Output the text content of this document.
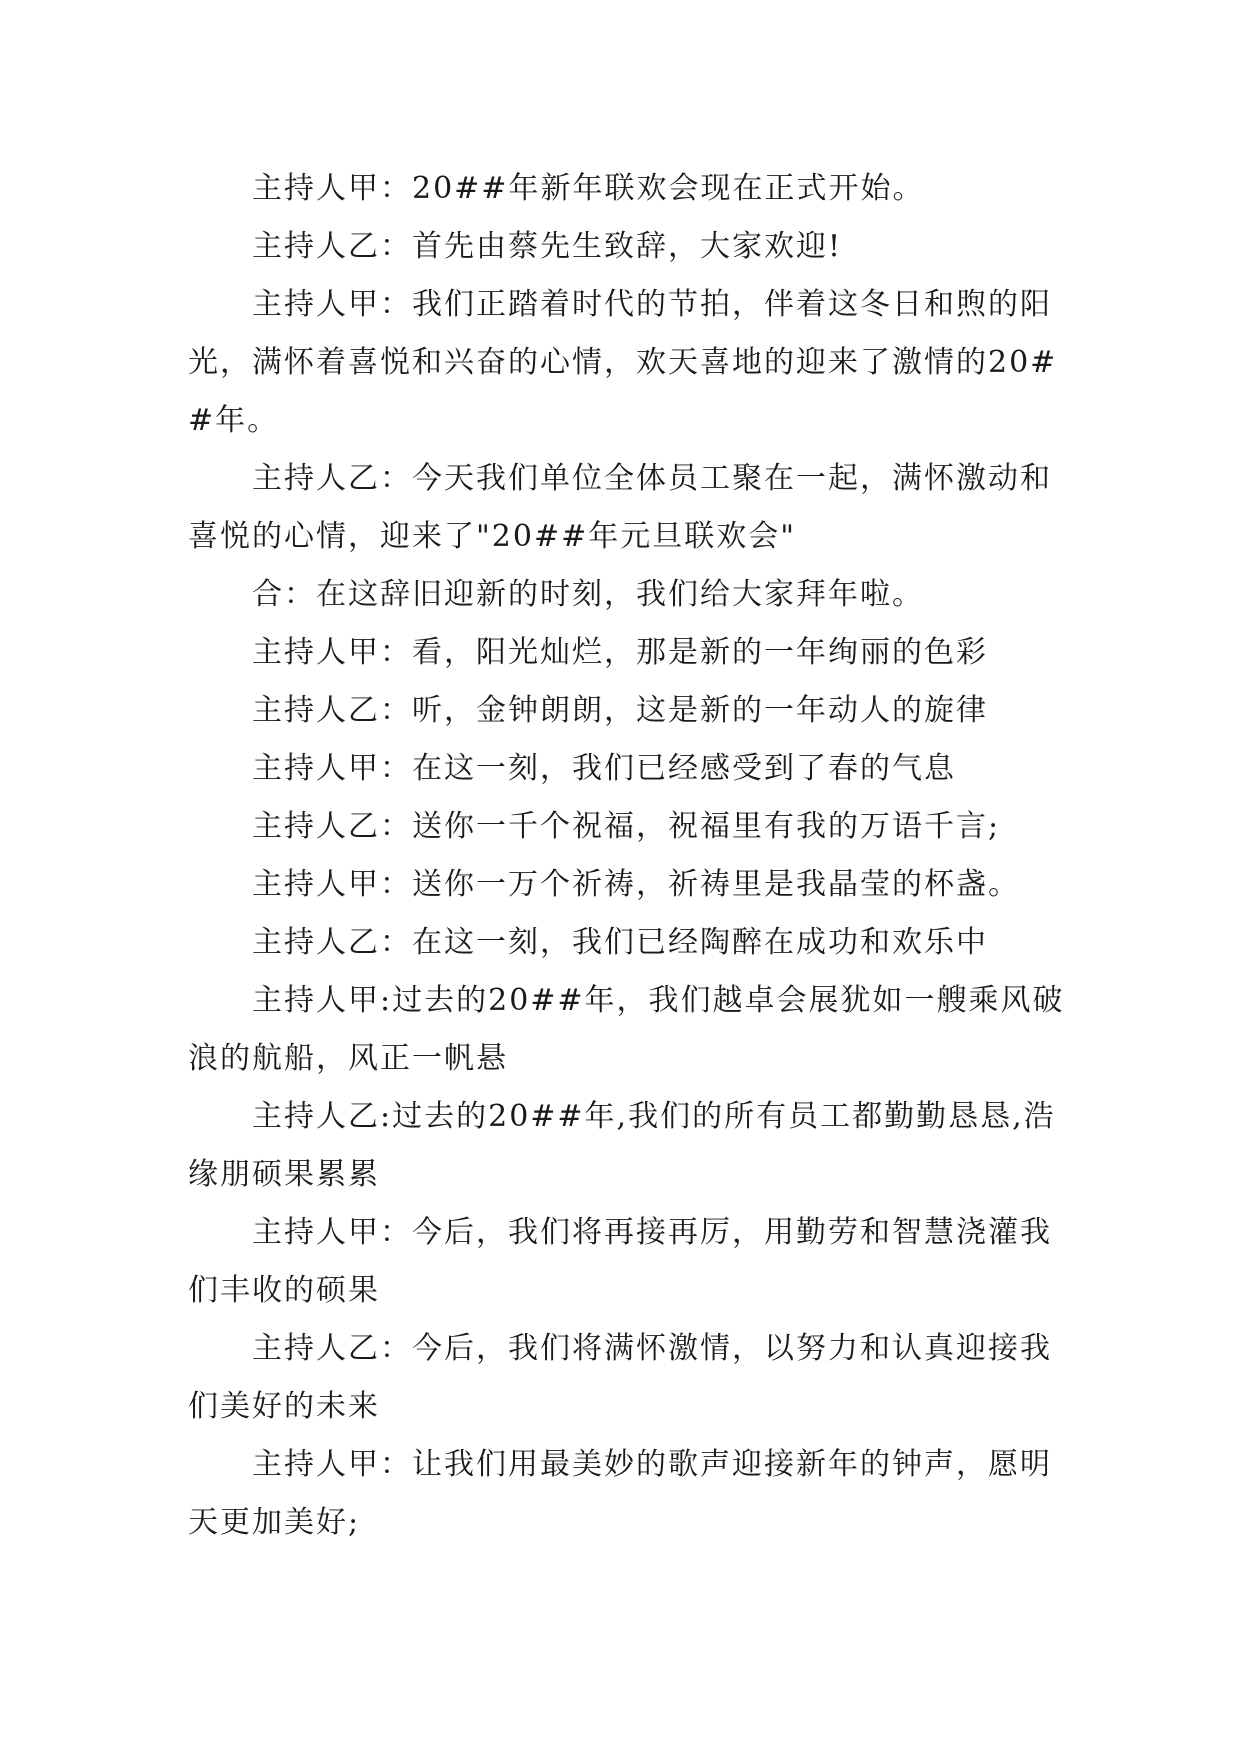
主持人甲：20##年新年联欢会现在正式开始。

主持人乙：首先由蔡先生致辞，大家欢迎!

主持人甲：我们正踏着时代的节拍，伴着这冬日和煦的阳光，满怀着喜悦和兴奋的心情，欢天喜地的迎来了激情的20##年。

主持人乙：今天我们单位全体员工聚在一起，满怀激动和喜悦的心情，迎来了"20##年元旦联欢会"

合：在这辞旧迎新的时刻，我们给大家拜年啦。

主持人甲：看，阳光灿烂，那是新的一年绚丽的色彩

主持人乙：听，金钟朗朗，这是新的一年动人的旋律

主持人甲：在这一刻，我们已经感受到了春的气息

主持人乙：送你一千个祝福，祝福里有我的万语千言;

主持人甲：送你一万个祈祷，祈祷里是我晶莹的杯盏。

主持人乙：在这一刻，我们已经陶醉在成功和欢乐中

主持人甲:过去的20##年，我们越卓会展犹如一艘乘风破浪的航船，风正一帆悬

主持人乙:过去的20##年,我们的所有员工都勤勤恳恳,浩缘朋硕果累累

主持人甲：今后，我们将再接再厉，用勤劳和智慧浇灌我们丰收的硕果

主持人乙：今后，我们将满怀激情，以努力和认真迎接我们美好的未来

主持人甲：让我们用最美妙的歌声迎接新年的钟声，愿明天更加美好;
